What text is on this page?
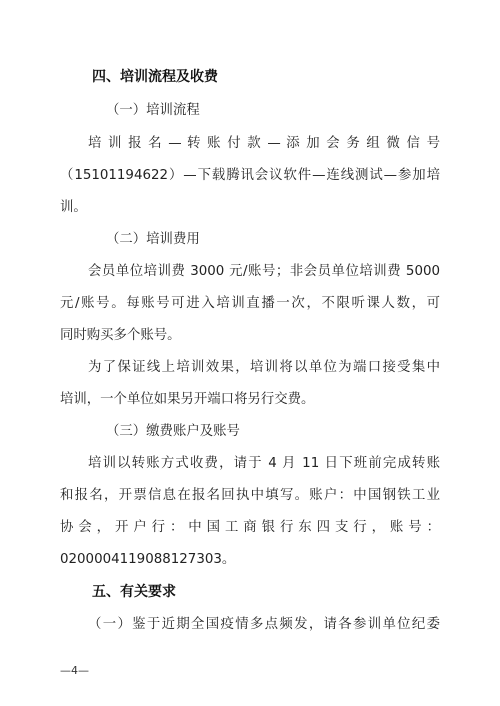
四、培训流程及收费
（一）培训流程
培 训 报 名 — 转 账 付 款 — 添 加 会 务 组 微 信 号
（15101194622）—下载腾讯会议软件—连线测试—参加培
训。
（二）培训费用
会员单位培训费 3000 元/账号；非会员单位培训费 5000
元/账号。每账号可进入培训直播一次，不限听课人数，可
同时购买多个账号。
为了保证线上培训效果，培训将以单位为端口接受集中
培训，一个单位如果另开端口将另行交费。
（三）缴费账户及账号
培训以转账方式收费，请于 4 月 11 日下班前完成转账
和报名，开票信息在报名回执中填写。账户：中国钢铁工业
协 会 ， 开 户 行 ： 中 国 工 商 银 行 东 四 支 行 ， 账 号 ：
0200004119088127303。
五、有关要求
（一）鉴于近期全国疫情多点频发，请各参训单位纪委
—4—
